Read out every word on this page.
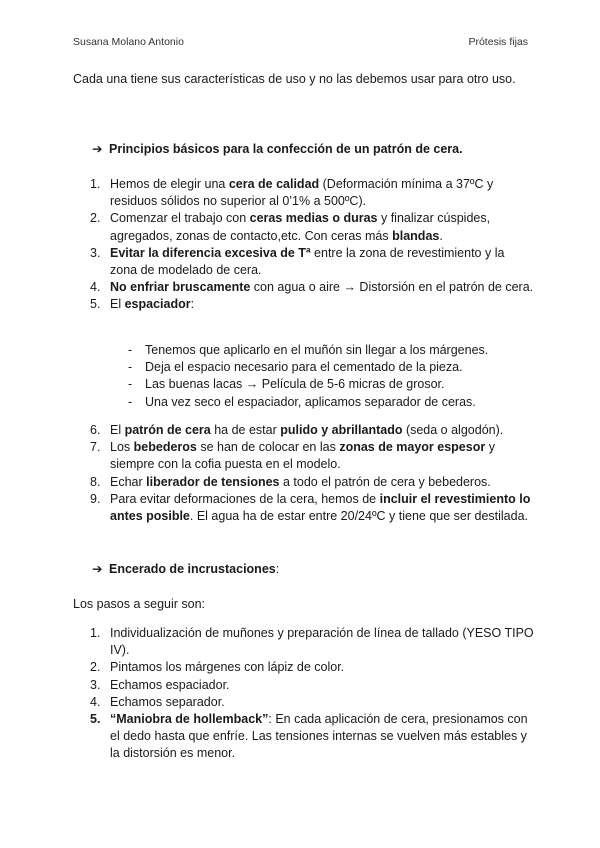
Susana Molano Antonio	Prótesis fijas

Cada una tiene sus características de uso y no las debemos usar para otro uso.

➔ Principios básicos para la confección de un patrón de cera.

1. Hemos de elegir una cera de calidad (Deformación mínima a 37ºC y residuos sólidos no superior al 0’1% a 500ºC).
2. Comenzar el trabajo con ceras medias o duras y finalizar cúspides, agregados, zonas de contacto,etc. Con ceras más blandas.
3. Evitar la diferencia excesiva de Tª entre la zona de revestimiento y la zona de modelado de cera.
4. No enfriar bruscamente con agua o aire → Distorsión en el patrón de cera.
5. El espaciador:
- Tenemos que aplicarlo en el muñón sin llegar a los márgenes.
- Deja el espacio necesario para el cementado de la pieza.
- Las buenas lacas → Película de 5-6 micras de grosor.
- Una vez seco el espaciador, aplicamos separador de ceras.
6. El patrón de cera ha de estar pulido y abrillantado (seda o algodón).
7. Los bebederos se han de colocar en las zonas de mayor espesor y siempre con la cofia puesta en el modelo.
8. Echar liberador de tensiones a todo el patrón de cera y bebederos.
9. Para evitar deformaciones de la cera, hemos de incluir el revestimiento lo antes posible. El agua ha de estar entre 20/24ºC y tiene que ser destilada.

➔ Encerado de incrustaciones:

Los pasos a seguir son:

1. Individualización de muñones y preparación de línea de tallado (YESO TIPO IV).
2. Pintamos los márgenes con lápiz de color.
3. Echamos espaciador.
4. Echamos separador.
5. “Maniobra de hollemback”: En cada aplicación de cera, presionamos con el dedo hasta que enfríe. Las tensiones internas se vuelven más estables y la distorsión es menor.
